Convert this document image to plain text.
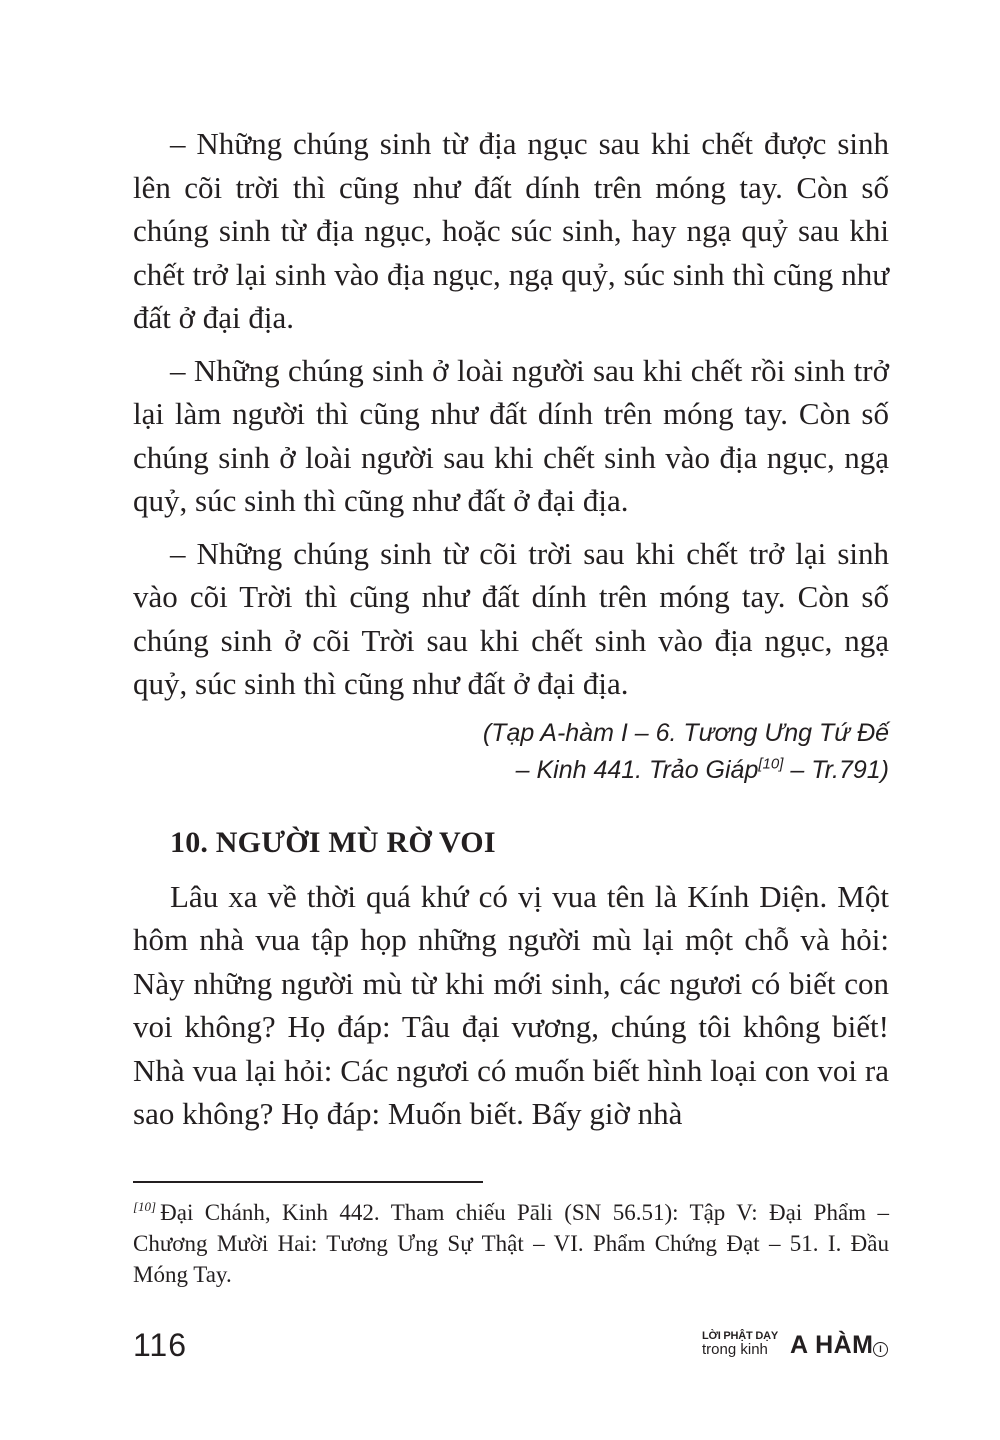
– Những chúng sinh từ địa ngục sau khi chết được sinh lên cõi trời thì cũng như đất dính trên móng tay. Còn số chúng sinh từ địa ngục, hoặc súc sinh, hay ngạ quỷ sau khi chết trở lại sinh vào địa ngục, ngạ quỷ, súc sinh thì cũng như đất ở đại địa.

– Những chúng sinh ở loài người sau khi chết rồi sinh trở lại làm người thì cũng như đất dính trên móng tay. Còn số chúng sinh ở loài người sau khi chết sinh vào địa ngục, ngạ quỷ, súc sinh thì cũng như đất ở đại địa.

– Những chúng sinh từ cõi trời sau khi chết trở lại sinh vào cõi Trời thì cũng như đất dính trên móng tay. Còn số chúng sinh ở cõi Trời sau khi chết sinh vào địa ngục, ngạ quỷ, súc sinh thì cũng như đất ở đại địa.

(Tạp A-hàm I – 6. Tương Ưng Tứ Đế
– Kinh 441. Trảo Giáp[10] – Tr.791)
10. NGƯỜI MÙ RỜ VOI

Lâu xa về thời quá khứ có vị vua tên là Kính Diện. Một hôm nhà vua tập họp những người mù lại một chỗ và hỏi: Này những người mù từ khi mới sinh, các ngươi có biết con voi không? Họ đáp: Tâu đại vương, chúng tôi không biết! Nhà vua lại hỏi: Các ngươi có muốn biết hình loại con voi ra sao không? Họ đáp: Muốn biết. Bấy giờ nhà

[10] Đại Chánh, Kinh 442. Tham chiếu Pāli (SN 56.51): Tập V: Đại Phẩm – Chương Mười Hai: Tương Ưng Sự Thật – VI. Phẩm Chứng Đạt – 51. I. Đầu Móng Tay.
116	LỜI PHẬT DẠY
trong kinh A HÀM I
